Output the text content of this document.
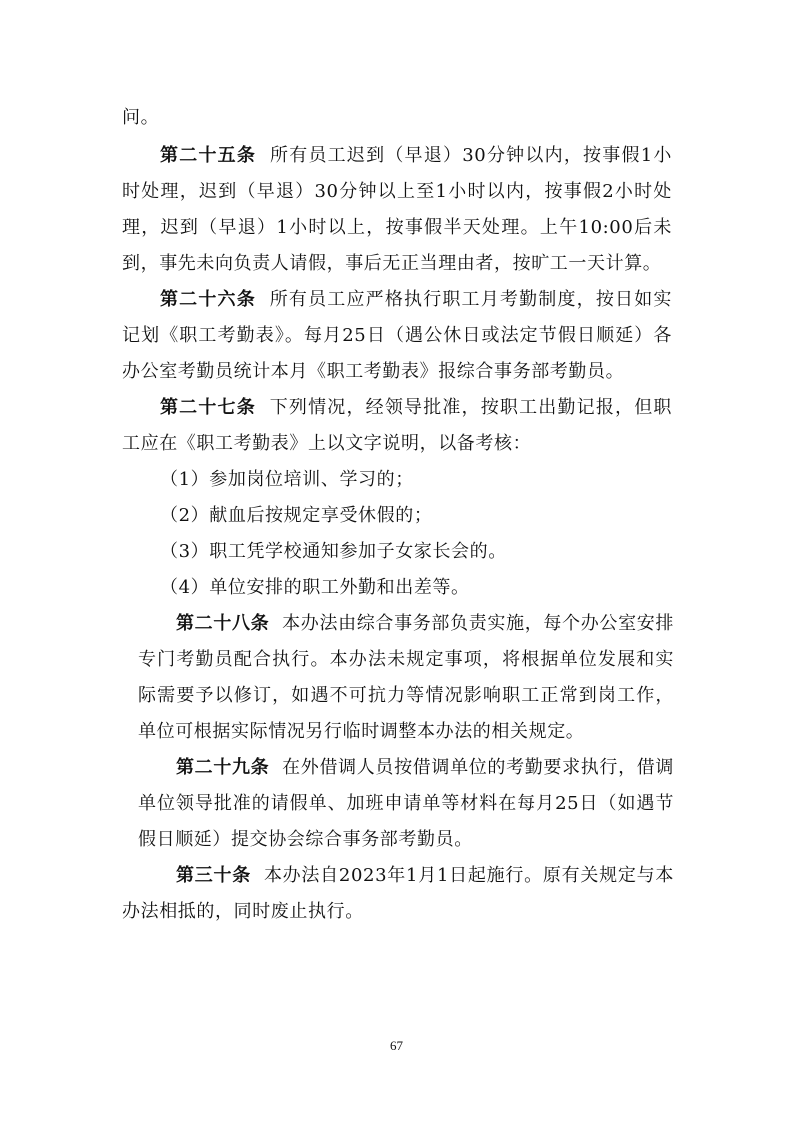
问。

第二十五条 所有员工迟到（早退）30分钟以内，按事假1小时处理，迟到（早退）30分钟以上至1小时以内，按事假2小时处理，迟到（早退）1小时以上，按事假半天处理。上午10:00后未到，事先未向负责人请假，事后无正当理由者，按旷工一天计算。

第二十六条 所有员工应严格执行职工月考勤制度，按日如实记划《职工考勤表》。每月25日（遇公休日或法定节假日顺延）各办公室考勤员统计本月《职工考勤表》报综合事务部考勤员。

第二十七条 下列情况，经领导批准，按职工出勤记报，但职工应在《职工考勤表》上以文字说明，以备考核：

（1）参加岗位培训、学习的；

（2）献血后按规定享受休假的；

（3）职工凭学校通知参加子女家长会的。

（4）单位安排的职工外勤和出差等。

第二十八条 本办法由综合事务部负责实施，每个办公室安排专门考勤员配合执行。本办法未规定事项，将根据单位发展和实际需要予以修订，如遇不可抗力等情况影响职工正常到岗工作，单位可根据实际情况另行临时调整本办法的相关规定。

第二十九条 在外借调人员按借调单位的考勤要求执行，借调单位领导批准的请假单、加班申请单等材料在每月25日（如遇节假日顺延）提交协会综合事务部考勤员。

第三十条 本办法自2023年1月1日起施行。原有关规定与本办法相抵的，同时废止执行。

67
